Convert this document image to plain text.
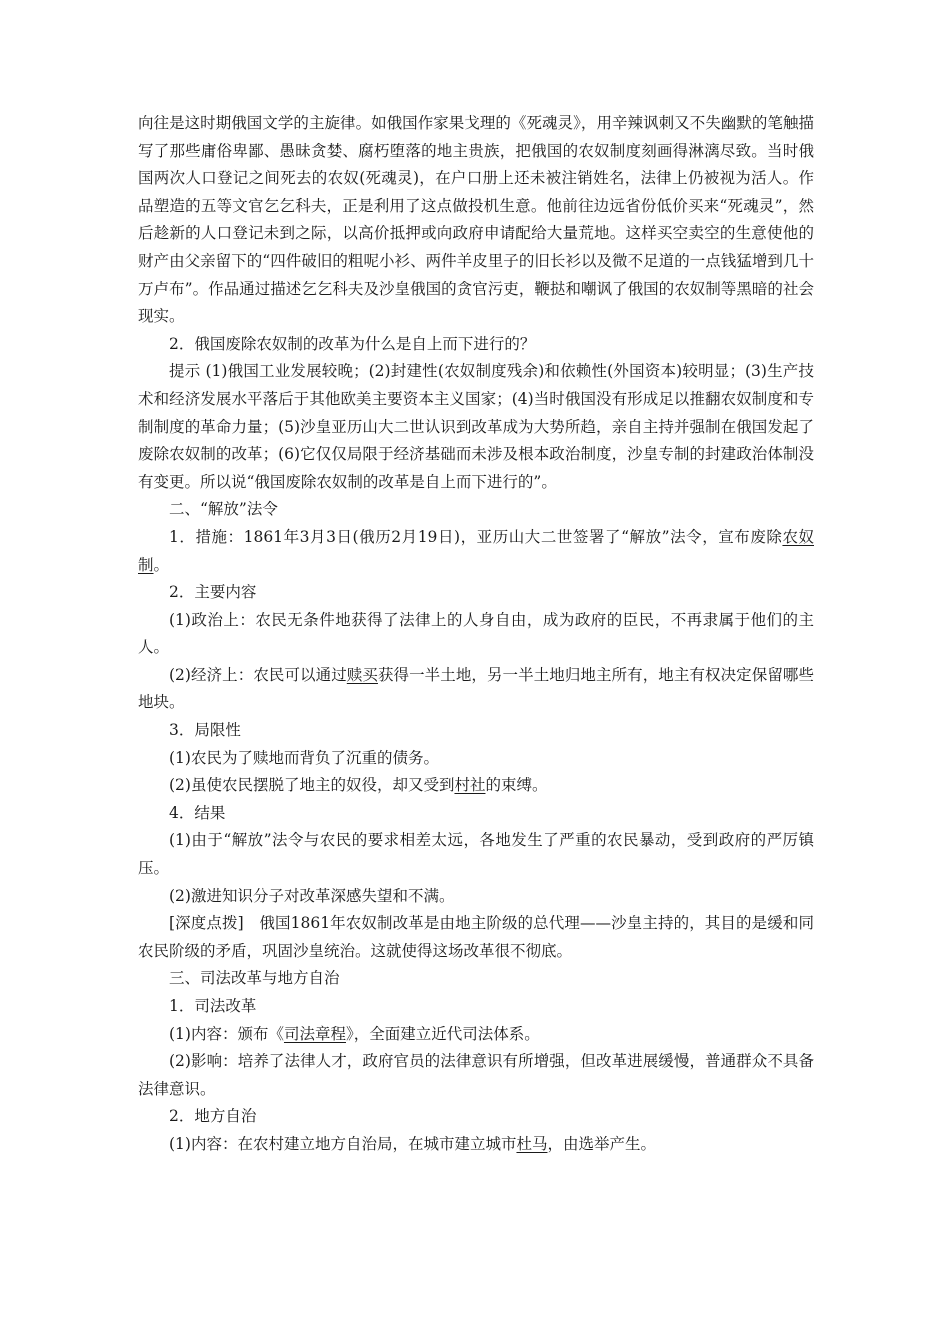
向往是这时期俄国文学的主旋律。如俄国作家果戈理的《死魂灵》，用辛辣讽刺又不失幽默的笔触描写了那些庸俗卑鄙、愚昧贪婪、腐朽堕落的地主贵族，把俄国的农奴制度刻画得淋漓尽致。当时俄国两次人口登记之间死去的农奴(死魂灵)，在户口册上还未被注销姓名，法律上仍被视为活人。作品塑造的五等文官乞乞科夫，正是利用了这点做投机生意。他前往边远省份低价买来“死魂灵”，然后趁新的人口登记未到之际，以高价抵押或向政府申请配给大量荒地。这样买空卖空的生意使他的财产由父亲留下的“四件破旧的粗呢小衫、两件羊皮里子的旧长衫以及微不足道的一点钱猛增到几十万卢布”。作品通过描述乞乞科夫及沙皇俄国的贪官污吏，鞭挞和嘲讽了俄国的农奴制等黑暗的社会现实。

2．俄国废除农奴制的改革为什么是自上而下进行的？

提示 (1)俄国工业发展较晚；(2)封建性(农奴制度残余)和依赖性(外国资本)较明显；(3)生产技术和经济发展水平落后于其他欧美主要资本主义国家；(4)当时俄国没有形成足以推翻农奴制度和专制制度的革命力量；(5)沙皇亚历山大二世认识到改革成为大势所趋，亲自主持并强制在俄国发起了废除农奴制的改革；(6)它仅仅局限于经济基础而未涉及根本政治制度，沙皇专制的封建政治体制没有变更。所以说“俄国废除农奴制的改革是自上而下进行的”。

二、“解放”法令

1．措施：1861年3月3日(俄历2月19日)，亚历山大二世签署了“解放”法令，宣布废除农奴制。

2．主要内容

(1)政治上：农民无条件地获得了法律上的人身自由，成为政府的臣民，不再隶属于他们的主人。

(2)经济上：农民可以通过赎买获得一半土地，另一半土地归地主所有，地主有权决定保留哪些地块。

3．局限性

(1)农民为了赎地而背负了沉重的债务。

(2)虽使农民摆脱了地主的奴役，却又受到村社的束缚。

4．结果

(1)由于“解放”法令与农民的要求相差太远，各地发生了严重的农民暴动，受到政府的严厉镇压。

(2)激进知识分子对改革深感失望和不满。

[深度点拨]　俄国1861年农奴制改革是由地主阶级的总代理——沙皇主持的，其目的是缓和同农民阶级的矛盾，巩固沙皇统治。这就使得这场改革很不彻底。

三、司法改革与地方自治

1．司法改革

(1)内容：颁布《司法章程》，全面建立近代司法体系。

(2)影响：培养了法律人才，政府官员的法律意识有所增强，但改革进展缓慢，普通群众不具备法律意识。

2．地方自治

(1)内容：在农村建立地方自治局，在城市建立城市杜马，由选举产生。
